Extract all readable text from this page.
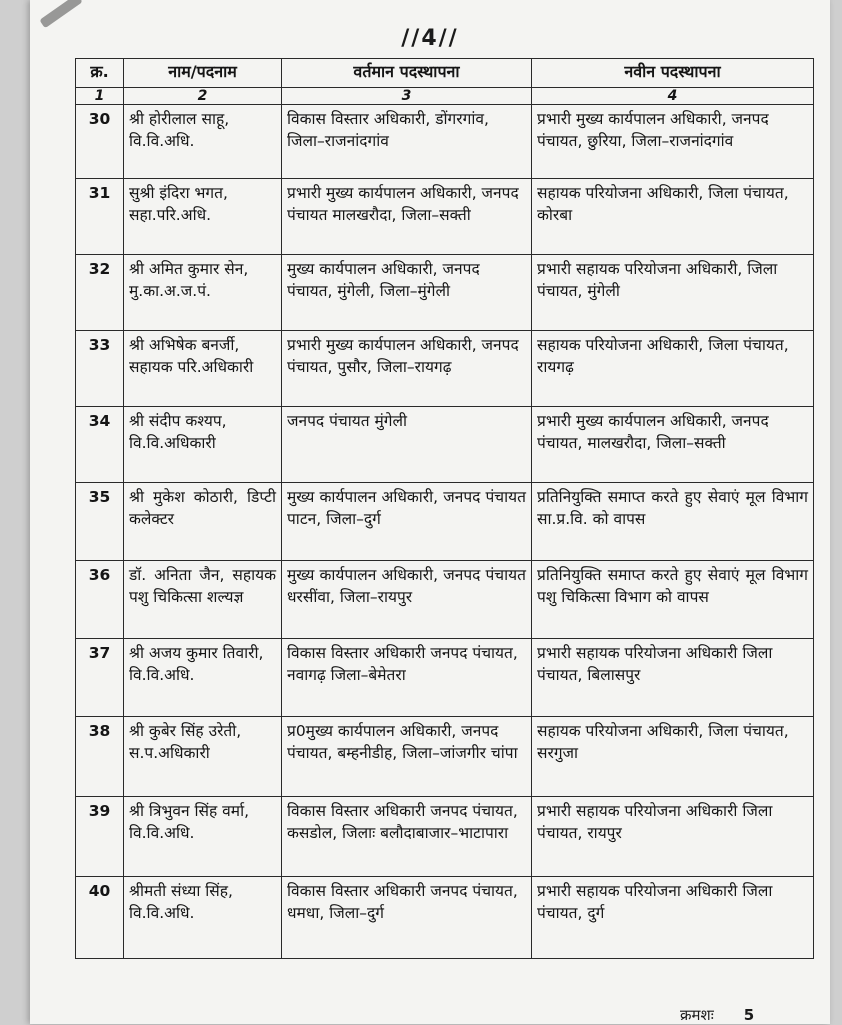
//4//
क्र.	नाम/पदनाम	वर्तमान पदस्थापना	नवीन पदस्थापना
1	2	3	4
30	श्री होरीलाल साहू, वि.वि.अधि.	विकास विस्तार अधिकारी, डोंगरगांव, जिला–राजनांदगांव	प्रभारी मुख्य कार्यपालन अधिकारी, जनपद पंचायत, छुरिया, जिला–राजनांदगांव
31	सुश्री इंदिरा भगत, सहा.परि.अधि.	प्रभारी मुख्य कार्यपालन अधिकारी, जनपद पंचायत मालखरौदा, जिला–सक्ती	सहायक परियोजना अधिकारी, जिला पंचायत, कोरबा
32	श्री अमित कुमार सेन, मु.का.अ.ज.पं.	मुख्य कार्यपालन अधिकारी, जनपद पंचायत, मुंगेली, जिला–मुंगेली	प्रभारी सहायक परियोजना अधिकारी, जिला पंचायत, मुंगेली
33	श्री अभिषेक बनर्जी, सहायक परि.अधिकारी	प्रभारी मुख्य कार्यपालन अधिकारी, जनपद पंचायत, पुसौर, जिला–रायगढ़	सहायक परियोजना अधिकारी, जिला पंचायत, रायगढ़
34	श्री संदीप कश्यप, वि.वि.अधिकारी	जनपद पंचायत मुंगेली	प्रभारी मुख्य कार्यपालन अधिकारी, जनपद पंचायत, मालखरौदा, जिला–सक्ती
35	श्री मुकेश कोठारी, डिप्टी कलेक्टर	मुख्य कार्यपालन अधिकारी, जनपद पंचायत पाटन, जिला–दुर्ग	प्रतिनियुक्ति समाप्त करते हुए सेवाएं मूल विभाग सा.प्र.वि. को वापस
36	डॉ. अनिता जैन, सहायक पशु चिकित्सा शल्यज्ञ	मुख्य कार्यपालन अधिकारी, जनपद पंचायत धरसींवा, जिला–रायपुर	प्रतिनियुक्ति समाप्त करते हुए सेवाएं मूल विभाग पशु चिकित्सा विभाग को वापस
37	श्री अजय कुमार तिवारी, वि.वि.अधि.	विकास विस्तार अधिकारी जनपद पंचायत, नवागढ़ जिला–बेमेतरा	प्रभारी सहायक परियोजना अधिकारी जिला पंचायत, बिलासपुर
38	श्री कुबेर सिंह उरेती, स.प.अधिकारी	प्र0मुख्य कार्यपालन अधिकारी, जनपद पंचायत, बम्हनीडीह, जिला–जांजगीर चांपा	सहायक परियोजना अधिकारी, जिला पंचायत, सरगुजा
39	श्री त्रिभुवन सिंह वर्मा, वि.वि.अधि.	विकास विस्तार अधिकारी जनपद पंचायत, कसडोल, जिलाः बलौदाबाजार–भाटापारा	प्रभारी सहायक परियोजना अधिकारी जिला पंचायत, रायपुर
40	श्रीमती संध्या सिंह, वि.वि.अधि.	विकास विस्तार अधिकारी जनपद पंचायत, धमधा, जिला–दुर्ग	प्रभारी सहायक परियोजना अधिकारी जिला पंचायत, दुर्ग
क्रमशः 5
